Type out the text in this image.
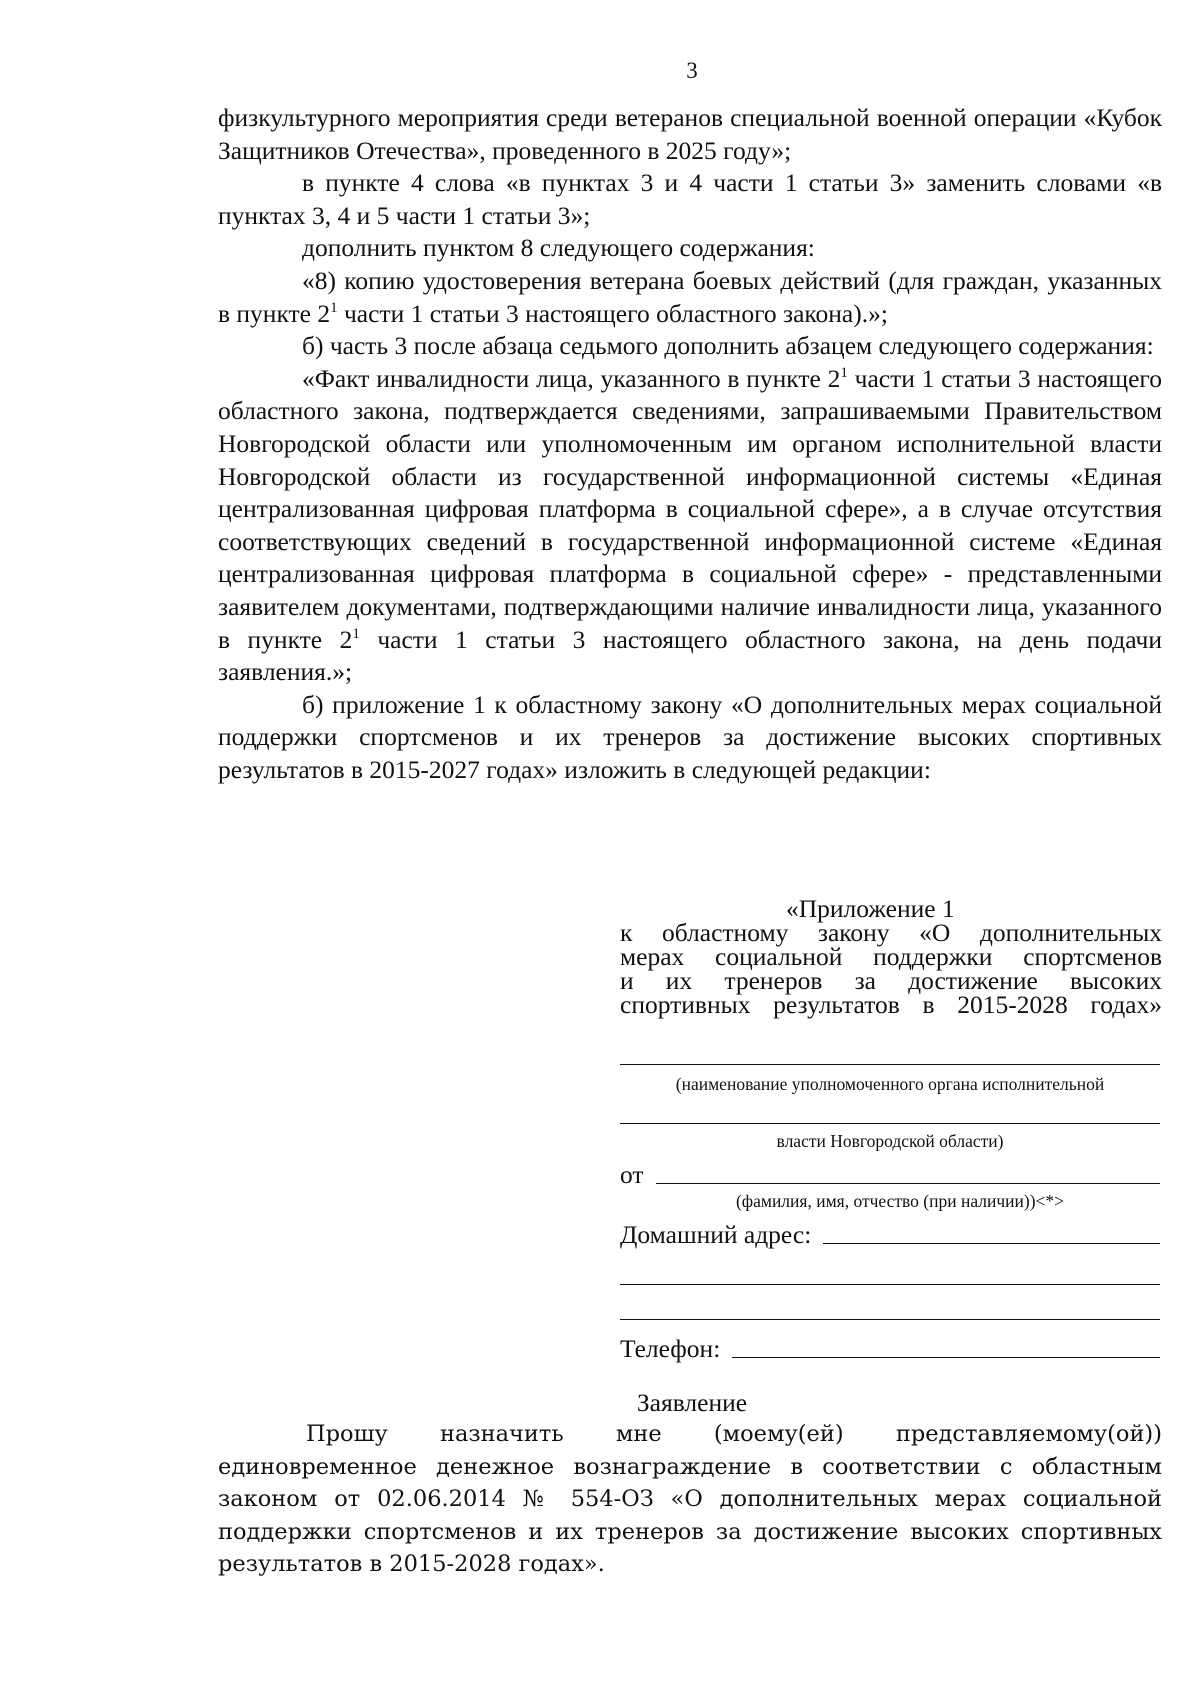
3

физкультурного мероприятия среди ветеранов специальной военной операции «Кубок Защитников Отечества», проведенного в 2025 году»;

в пункте 4 слова «в пунктах 3 и 4 части 1 статьи 3» заменить словами «в пунктах 3, 4 и 5 части 1 статьи 3»;

дополнить пунктом 8 следующего содержания:

«8) копию удостоверения ветерана боевых действий (для граждан, указанных в пункте $2^1$ части 1 статьи 3 настоящего областного закона).»;

б) часть 3 после абзаца седьмого дополнить абзацем следующего содержания:

«Факт инвалидности лица, указанного в пункте $2^1$ части 1 статьи 3 настоящего областного закона, подтверждается сведениями, запрашиваемыми Правительством Новгородской области или уполномоченным им органом исполнительной власти Новгородской области из государственной информационной системы «Единая централизованная цифровая платформа в социальной сфере», а в случае отсутствия соответствующих сведений в государственной информационной системе «Единая централизованная цифровая платформа в социальной сфере» - представленными заявителем документами, подтверждающими наличие инвалидности лица, указанного в пункте $2^1$ части 1 статьи 3 настоящего областного закона, на день подачи заявления.»;

б) приложение 1 к областному закону «О дополнительных мерах социальной поддержки спортсменов и их тренеров за достижение высоких спортивных результатов в 2015-2027 годах» изложить в следующей редакции:

«Приложение 1
к областному закону «О дополнительных
мерах социальной поддержки спортсменов
и их тренеров за достижение высоких
спортивных результатов в 2015-2028 годах»
(наименование уполномоченного органа исполнительной
власти Новгородской области)
от
(фамилия, имя, отчество (при наличии))<*>
Домашний адрес:
Телефон:
Заявление

Прошу назначить мне (моему(ей) представляемому(ой)) единовременное денежное вознаграждение в соответствии с областным законом от 02.06.2014 № 554-ОЗ «О дополнительных мерах социальной поддержки спортсменов и их тренеров за достижение высоких спортивных результатов в 2015-2028 годах».
